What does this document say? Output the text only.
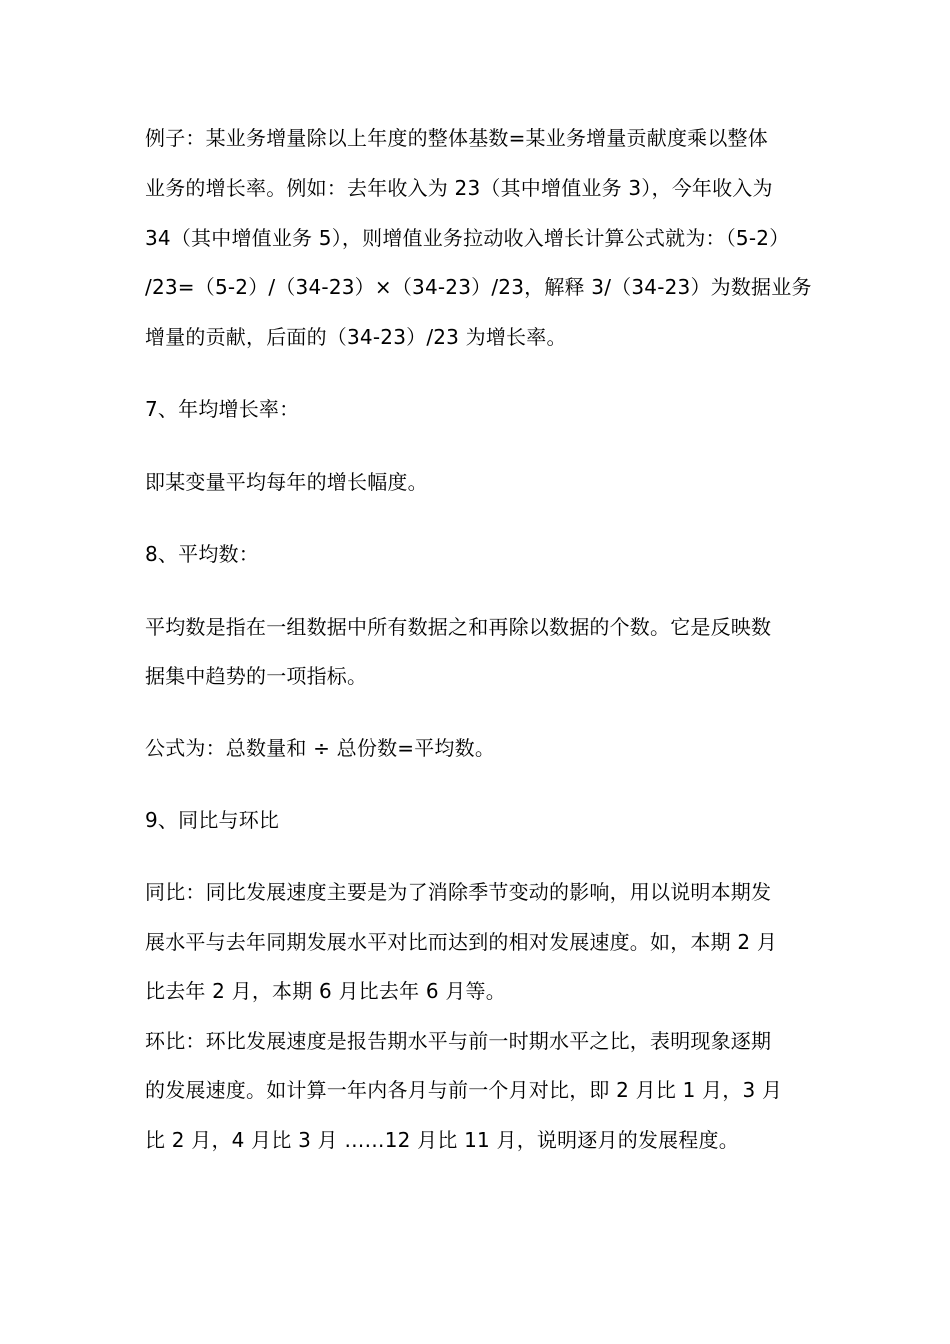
例子：某业务增量除以上年度的整体基数=某业务增量贡献度乘以整体
业务的增长率。例如：去年收入为 23（其中增值业务 3），今年收入为
34（其中增值业务 5），则增值业务拉动收入增长计算公式就为：（5-2）
/23=（5-2）/（34-23）×（34-23）/23，解释 3/（34-23）为数据业务
增量的贡献，后面的（34-23）/23 为增长率。
7、年均增长率：
即某变量平均每年的增长幅度。
8、平均数：
平均数是指在一组数据中所有数据之和再除以数据的个数。它是反映数
据集中趋势的一项指标。
公式为：总数量和 ÷ 总份数=平均数。
9、同比与环比
同比：同比发展速度主要是为了消除季节变动的影响，用以说明本期发
展水平与去年同期发展水平对比而达到的相对发展速度。如，本期 2 月
比去年 2 月，本期 6 月比去年 6 月等。
环比：环比发展速度是报告期水平与前一时期水平之比，表明现象逐期
的发展速度。如计算一年内各月与前一个月对比，即 2 月比 1 月，3 月
比 2 月，4 月比 3 月 ……12 月比 11 月，说明逐月的发展程度。
